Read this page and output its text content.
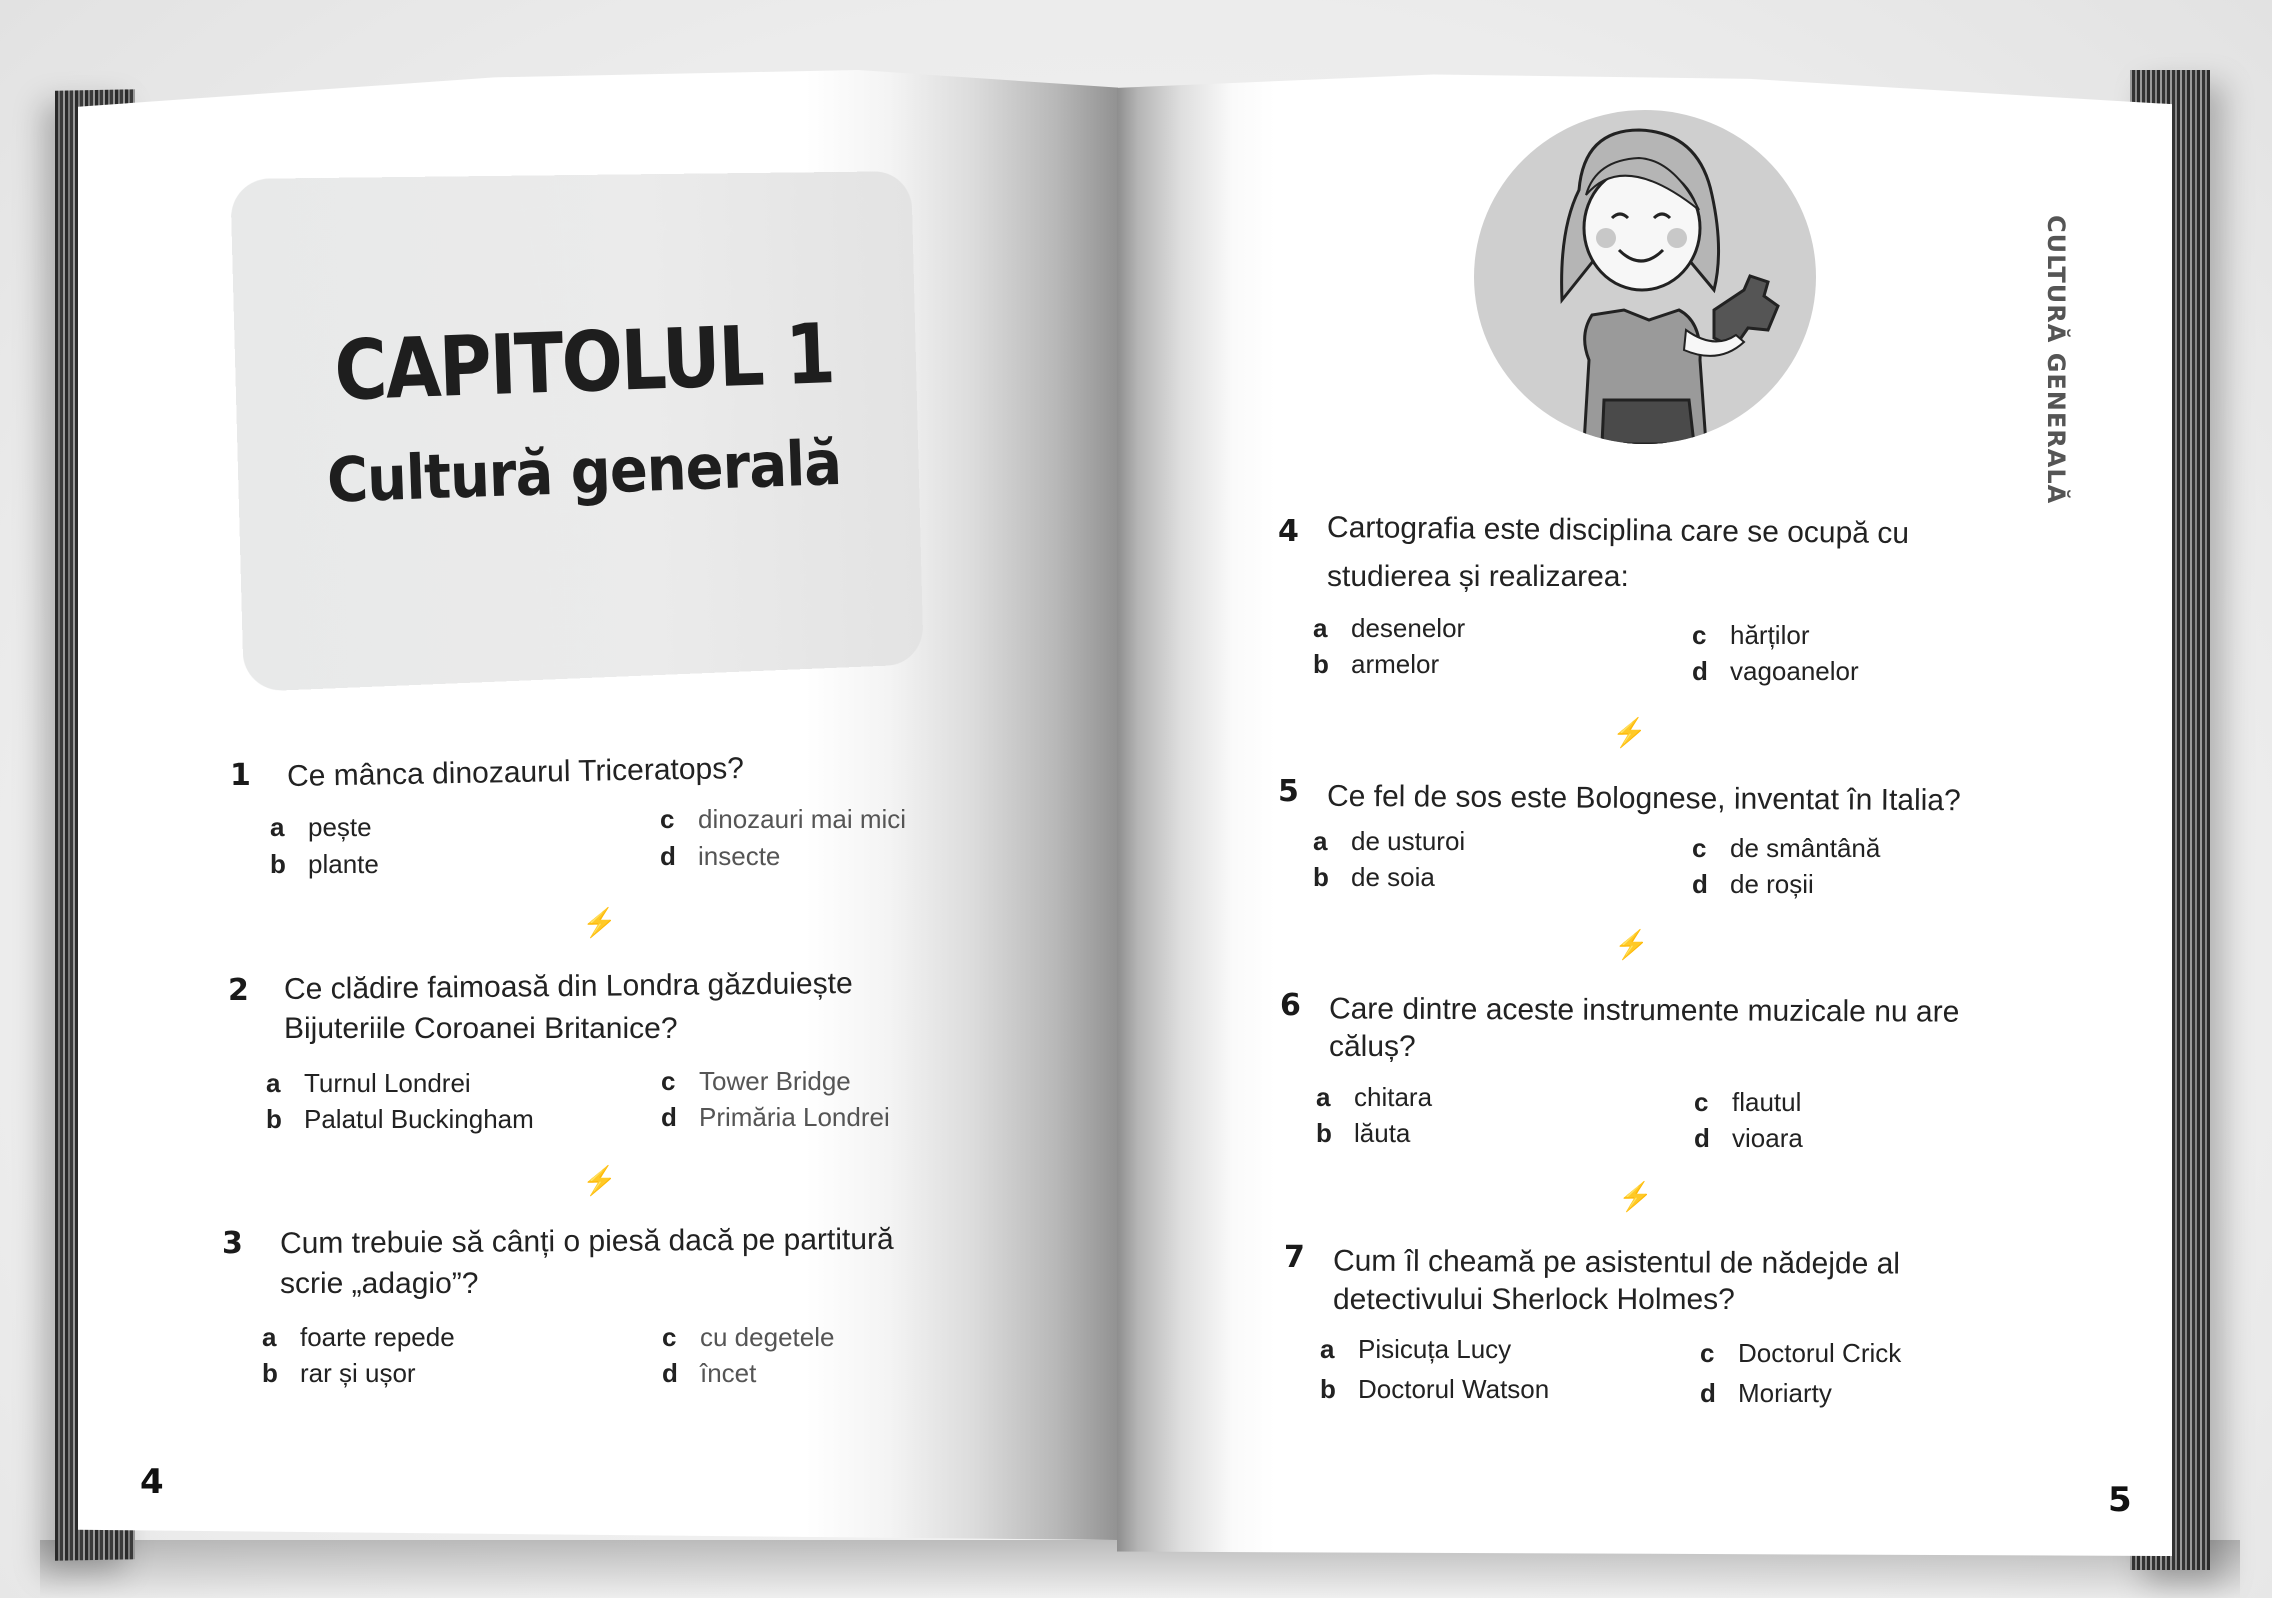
CAPITOLUL 1
Cultură generală
1 Ce mânca dinozaurul Triceratops?
a pește
b plante
c dinozauri mai mici
d insecte
⚡
2 Ce clădire faimoasă din Londra găzduiește
Bijuteriile Coroanei Britanice?
a Turnul Londrei
b Palatul Buckingham
c Tower Bridge
d Primăria Londrei
⚡
3 Cum trebuie să cânți o piesă dacă pe partitură
scrie „adagio”?
a foarte repede
b rar și ușor
c cu degetele
d încet
4
CULTURĂ GENERALĂ
4 Cartografia este disciplina care se ocupă cu
studierea și realizarea:
a desenelor
b armelor
c hărților
d vagoanelor
⚡
5 Ce fel de sos este Bolognese, inventat în Italia?
a de usturoi
b de soia
c de smântână
d de roșii
⚡
6 Care dintre aceste instrumente muzicale nu are
căluș?
a chitara
b lăuta
c flautul
d vioara
⚡
7 Cum îl cheamă pe asistentul de nădejde al
detectivului Sherlock Holmes?
a Pisicuța Lucy
b Doctorul Watson
c Doctorul Crick
d Moriarty
5
